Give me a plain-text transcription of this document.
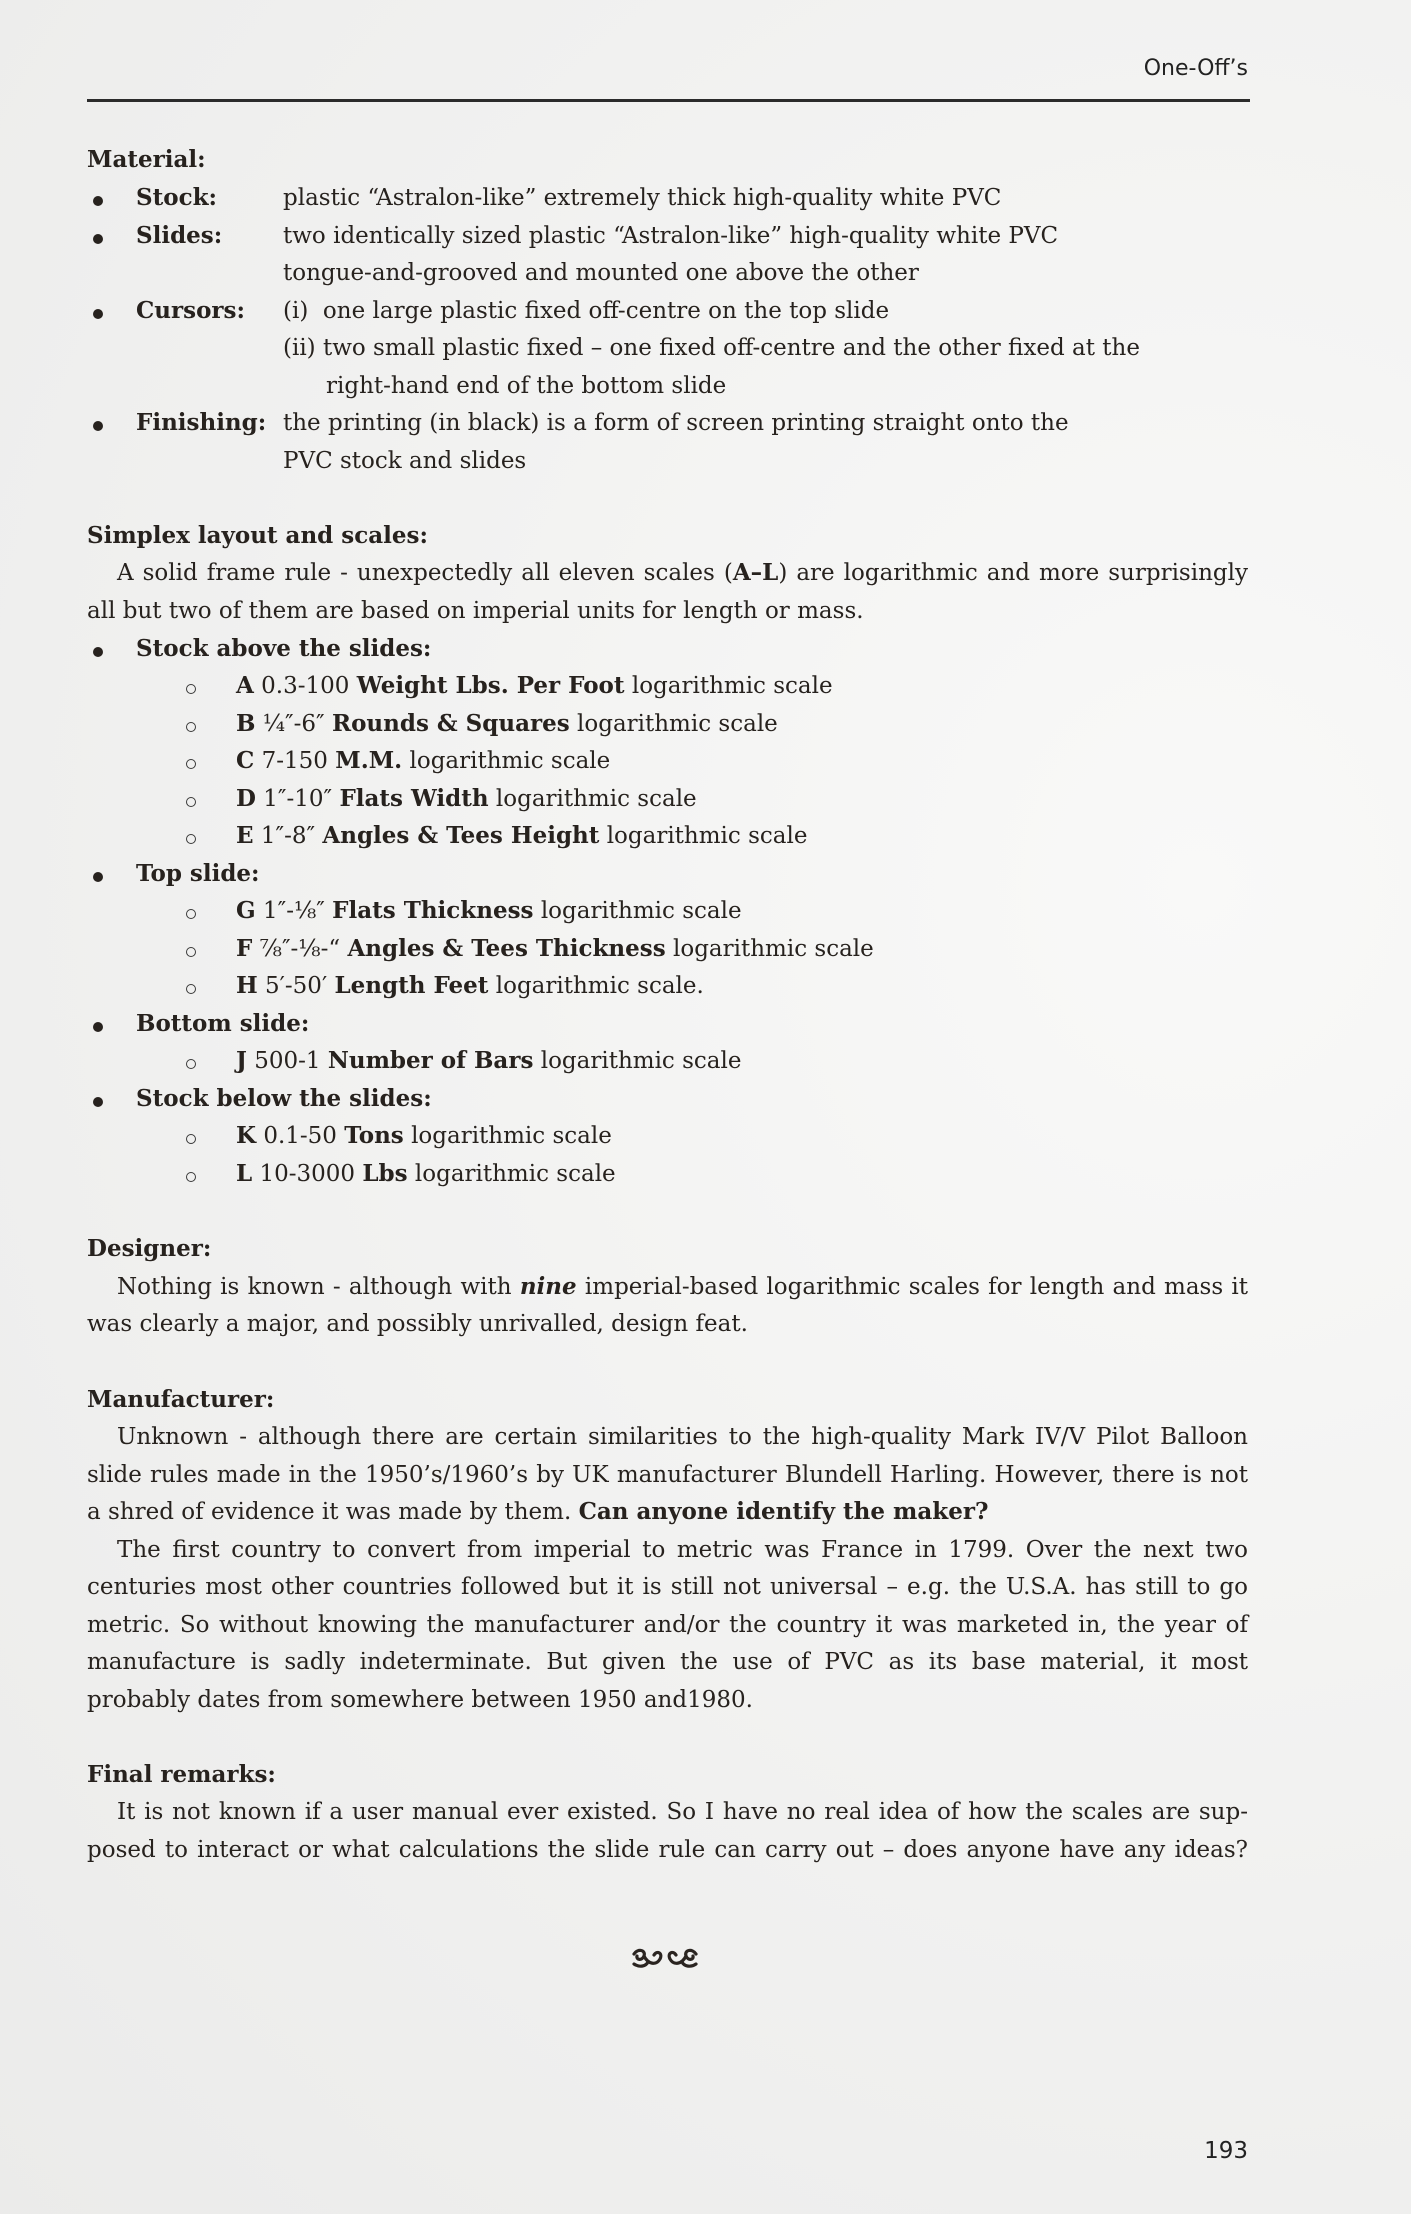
One-Off’s
Material:
Stock:	plastic “Astralon-like” extremely thick high-quality white PVC
Slides:	two identically sized plastic “Astralon-like” high-quality white PVC
tongue-and-grooved and mounted one above the other
Cursors:	(i)  one large plastic fixed off-centre on the top slide
(ii) two small plastic fixed – one fixed off-centre and the other fixed at the
right-hand end of the bottom slide
Finishing: the printing (in black) is a form of screen printing straight onto the
PVC stock and slides
Simplex layout and scales:
A solid frame rule - unexpectedly all eleven scales (A–L) are logarithmic and more surprisingly
all but two of them are based on imperial units for length or mass.
Stock above the slides:
A 0.3-100 Weight Lbs. Per Foot logarithmic scale
B ¼″-6″ Rounds & Squares logarithmic scale
C 7-150 M.M. logarithmic scale
D 1″-10″ Flats Width logarithmic scale
E 1″-8″ Angles & Tees Height logarithmic scale
Top slide:
G 1″-⅛″ Flats Thickness logarithmic scale
F ⅞″-⅛-“ Angles & Tees Thickness logarithmic scale
H 5′-50′ Length Feet logarithmic scale.
Bottom slide:
J 500-1 Number of Bars logarithmic scale
Stock below the slides:
K 0.1-50 Tons logarithmic scale
L 10-3000 Lbs logarithmic scale
Designer:
Nothing is known - although with nine imperial-based logarithmic scales for length and mass it
was clearly a major, and possibly unrivalled, design feat.
Manufacturer:
Unknown - although there are certain similarities to the high-quality Mark IV/V Pilot Balloon
slide rules made in the 1950’s/1960’s by UK manufacturer Blundell Harling. However, there is not
a shred of evidence it was made by them. Can anyone identify the maker?
The first country to convert from imperial to metric was France in 1799. Over the next two
centuries most other countries followed but it is still not universal – e.g. the U.S.A. has still to go
metric. So without knowing the manufacturer and/or the country it was marketed in, the year of
manufacture is sadly indeterminate. But given the use of PVC as its base material, it most
probably dates from somewhere between 1950 and1980.
Final remarks:
It is not known if a user manual ever existed. So I have no real idea of how the scales are sup-
posed to interact or what calculations the slide rule can carry out – does anyone have any ideas?
193
